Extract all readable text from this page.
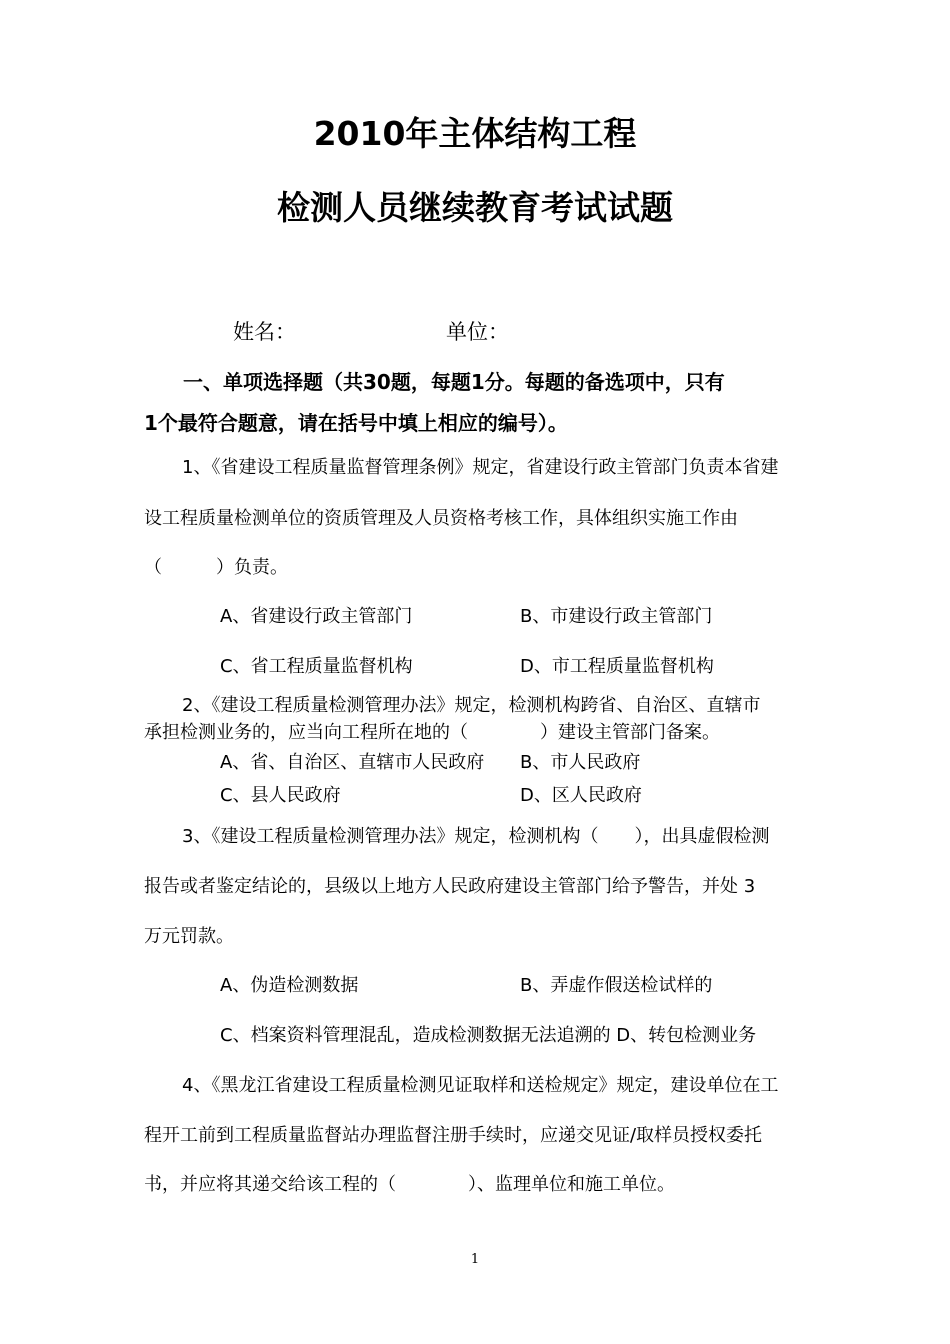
2010年主体结构工程
检测人员继续教育考试试题
姓名：	单位：
一、单项选择题（共30题，每题1分。每题的备选项中，只有
1个最符合题意，请在括号中填上相应的编号）。
1、《省建设工程质量监督管理条例》规定，省建设行政主管部门负责本省建
设工程质量检测单位的资质管理及人员资格考核工作，具体组织实施工作由
（　　　）负责。
A、省建设行政主管部门	B、市建设行政主管部门
C、省工程质量监督机构	D、市工程质量监督机构
2、《建设工程质量检测管理办法》规定，检测机构跨省、自治区、直辖市
承担检测业务的，应当向工程所在地的（　　　　）建设主管部门备案。
A、省、自治区、直辖市人民政府 B、市人民政府
C、县人民政府	D、区人民政府
3、《建设工程质量检测管理办法》规定，检测机构（　　），出具虚假检测
报告或者鉴定结论的，县级以上地方人民政府建设主管部门给予警告，并处 3
万元罚款。
A、伪造检测数据	B、弄虚作假送检试样的
C、档案资料管理混乱，造成检测数据无法追溯的 D、转包检测业务
4、《黑龙江省建设工程质量检测见证取样和送检规定》规定，建设单位在工
程开工前到工程质量监督站办理监督注册手续时，应递交见证/取样员授权委托
书，并应将其递交给该工程的（　　　　）、监理单位和施工单位。
1
